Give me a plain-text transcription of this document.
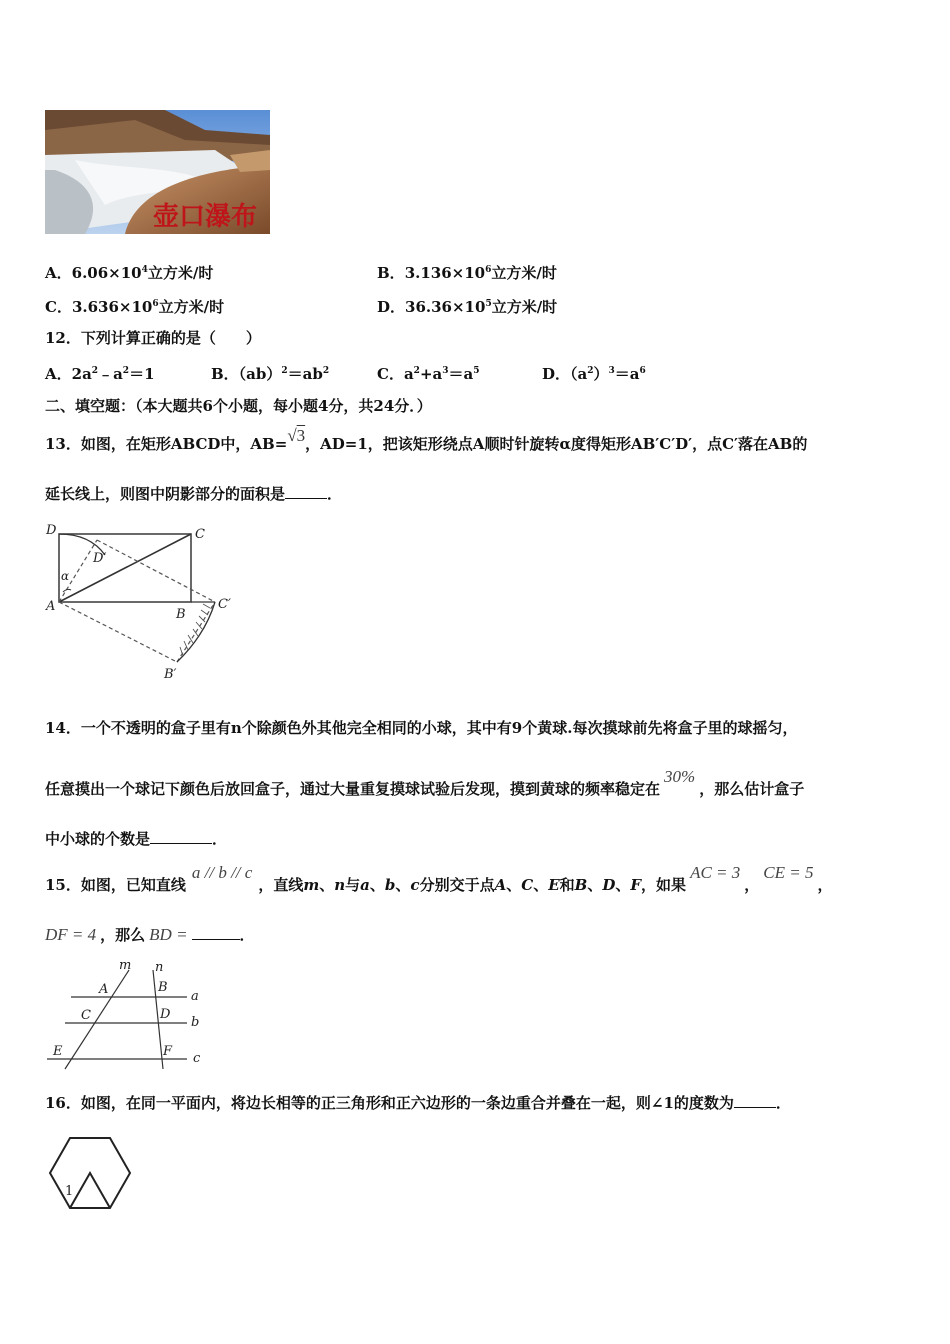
壶口瀑布
A．$6.06\times 10^4$立方米/时	B．$3.136\times 10^6$立方米/时
C．$3.636\times 10^6$立方米/时	D．$36.36\times 10^5$立方米/时
12．下列计算正确的是（　　）
A．$2a^2﹣a^2=1$	B．$(ab)^2=ab^2$	C．$a^2+a^3=a^5$	D．$(a^2)^3=a^6$
二、填空题：（本大题共6个小题，每小题4分，共24分．）
13．如图，在矩形ABCD中，AB=√3，AD=1，把该矩形绕点A顺时针旋转α度得矩形AB′C′D′，点C′落在AB的
延长线上，则图中阴影部分的面积是	．
D	C
D′
α
A
B
C′
B′
14．一个不透明的盒子里有n个除颜色外其他完全相同的小球，其中有9个黄球.每次摸球前先将盒子里的球摇匀，
任意摸出一个球记下颜色后放回盒子，通过大量重复摸球试验后发现，摸到黄球的频率稳定在30%，那么估计盒子
中小球的个数是	．
15．如图，已知直线a // b // c，直线m、n与a、b、c分别交于点A、C、E和B、D、F，如果AC = 3，CE = 5，
DF = 4 ，那么 BD =	．
m n
A	B
a
C	D
b
E	F c
16．如图，在同一平面内，将边长相等的正三角形和正六边形的一条边重合并叠在一起，则∠1的度数为	．
1
